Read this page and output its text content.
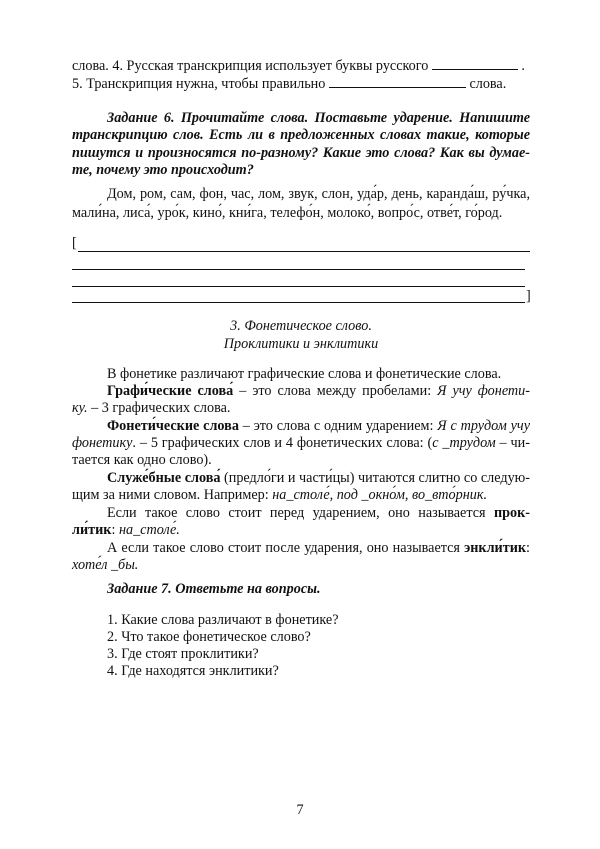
слова. 4. Русская транскрипция использует буквы русского	.

5. Транскрипция нужна, чтобы правильно	слова.

Задание 6. Прочитайте слова. Поставьте ударение. Напишите

транскрипцию слов. Есть ли в предложенных словах такие, которые

пишутся и произносятся по-разному? Какие это слова? Как вы думае-

те, почему это происходит?

Дом, ром, сам, фон, час, лом, звук, слон, уда́р, день, каранда́ш, ру́чка,

мали́на, лиса́, уро́к, кино́, кни́га, телефо́н, молоко́, вопро́с, отве́т, го́род.

[
]

3. Фонетическое слово.

Проклитики и энклитики

В фонетике различают графические слова и фонетические слова.

Графи́ческие слова́ – это слова между пробелами: Я учу фонети-

ку. – 3 графических слова.

Фонети́ческие слова – это слова с одним ударением: Я с трудом учу

фонетику. – 5 графических слов и 4 фонетических слова: (с _трудом – чи-

тается как одно слово).

Служе́бные слова́ (предло́ги и части́цы) читаются слитно со следую-

щим за ними словом. Например: на_столе́, под _окно́м, во_вто́рник.

Если такое слово стоит перед ударением, оно называется прок-

ли́тик: на_столе́.

А если такое слово стоит после ударения, оно называется энкли́тик:

хоте́л _бы.

Задание 7. Ответьте на вопросы.

1. Какие слова различают в фонетике?

2. Что такое фонетическое слово?

3. Где стоят проклитики?

4. Где находятся энклитики?

7
